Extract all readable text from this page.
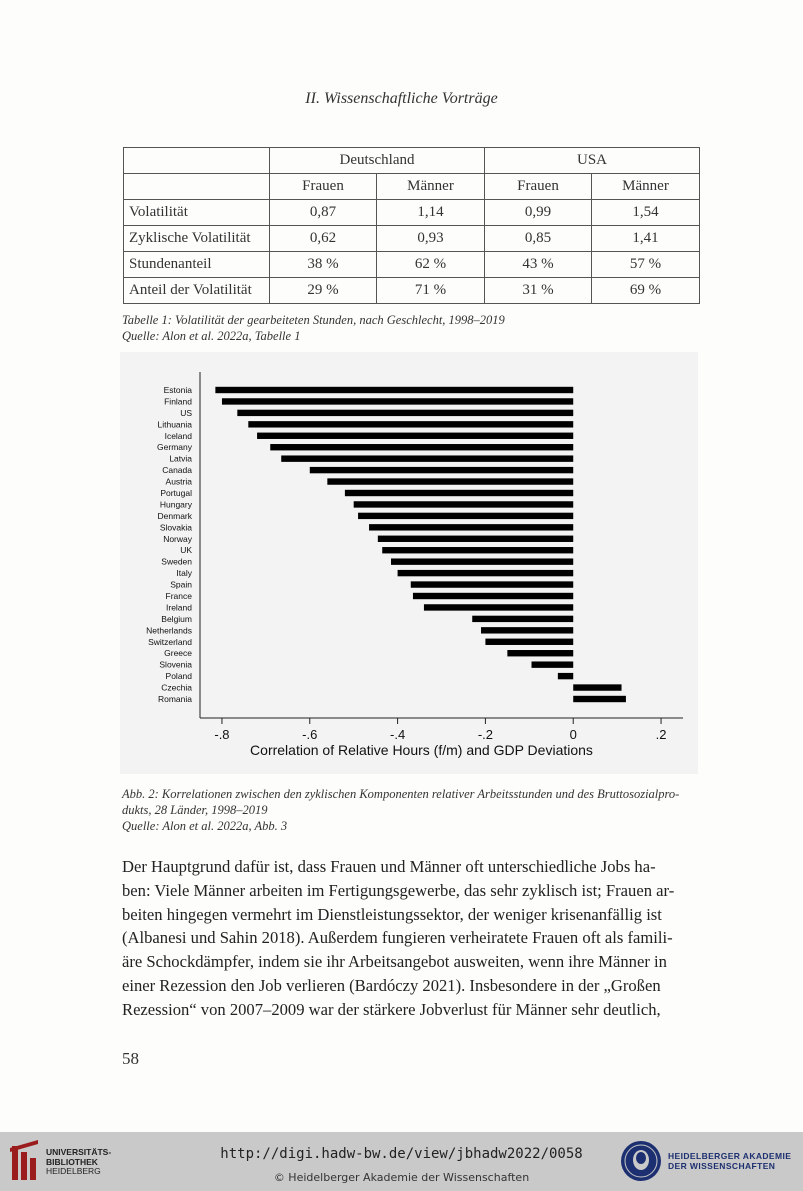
II. Wissenschaftliche Vorträge
	Deutschland		USA	
	Frauen	Männer	Frauen	Männer
Volatilität	0,87	1,14	0,99	1,54
Zyklische Volatilität	0,62	0,93	0,85	1,41
Stundenanteil	38 %	62 %	43 %	57 %
Anteil der Volatilität	29 %	71 %	31 %	69 %
Tabelle 1: Volatilität der gearbeiteten Stunden, nach Geschlecht, 1998–2019
Quelle: Alon et al. 2022a, Tabelle 1
Estonia
Finland
US
Lithuania
Iceland
Germany
Latvia
Canada
Austria
Portugal
Hungary
Denmark
Slovakia
Norway
UK
Sweden
Italy
Spain
France
Ireland
Belgium
Netherlands
Switzerland
Greece
Slovenia
Poland
Czechia
Romania
-.8	-.6	-.4	-.2	0	.2
Correlation of Relative Hours (f/m) and GDP Deviations
Abb. 2: Korrelationen zwischen den zyklischen Komponenten relativer Arbeitsstunden und des Bruttosozialpro-
dukts, 28 Länder, 1998–2019
Quelle: Alon et al. 2022a, Abb. 3
Der Hauptgrund dafür ist, dass Frauen und Männer oft unterschiedliche Jobs ha-
ben: Viele Männer arbeiten im Fertigungsgewerbe, das sehr zyklisch ist; Frauen ar-
beiten hingegen vermehrt im Dienstleistungssektor, der weniger krisenanfällig ist
(Albanesi und Sahin 2018). Außerdem fungieren verheiratete Frauen oft als famili-
äre Schockdämpfer, indem sie ihr Arbeitsangebot ausweiten, wenn ihre Männer in
einer Rezession den Job verlieren (Bardóczy 2021). Insbesondere in der „Großen
Rezession“ von 2007–2009 war der stärkere Jobverlust für Männer sehr deutlich,
58
UNIVERSITÄTS-
BIBLIOTHEK
HEIDELBERG
http://digi.hadw-bw.de/view/jbhadw2022/0058
© Heidelberger Akademie der Wissenschaften
HEIDELBERGER AKADEMIE
DER WISSENSCHAFTEN
